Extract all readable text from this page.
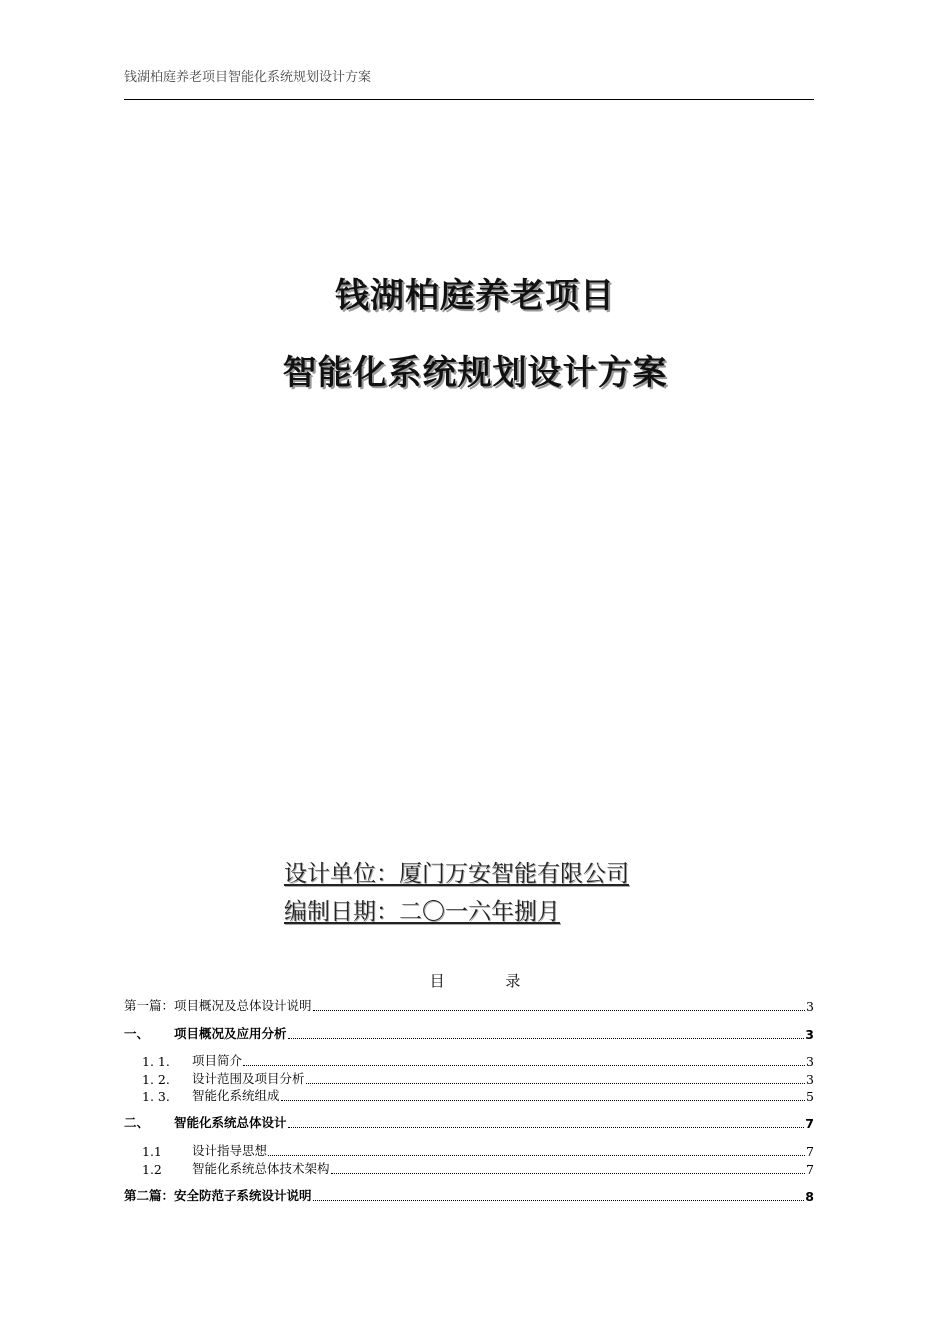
钱湖柏庭养老项目智能化系统规划设计方案
钱湖柏庭养老项目
智能化系统规划设计方案
设计单位：厦门万安智能有限公司
编制日期：二〇一六年捌月
目	录
第一篇：项目概况及总体设计说明	3
一、	项目概况及应用分析	3
1. 1.	项目简介	3
1. 2.	设计范围及项目分析	3
1. 3.	智能化系统组成	5
二、	智能化系统总体设计	7
1.1	设计指导思想	7
1.2	智能化系统总体技术架构	7
第二篇：安全防范子系统设计说明	8
